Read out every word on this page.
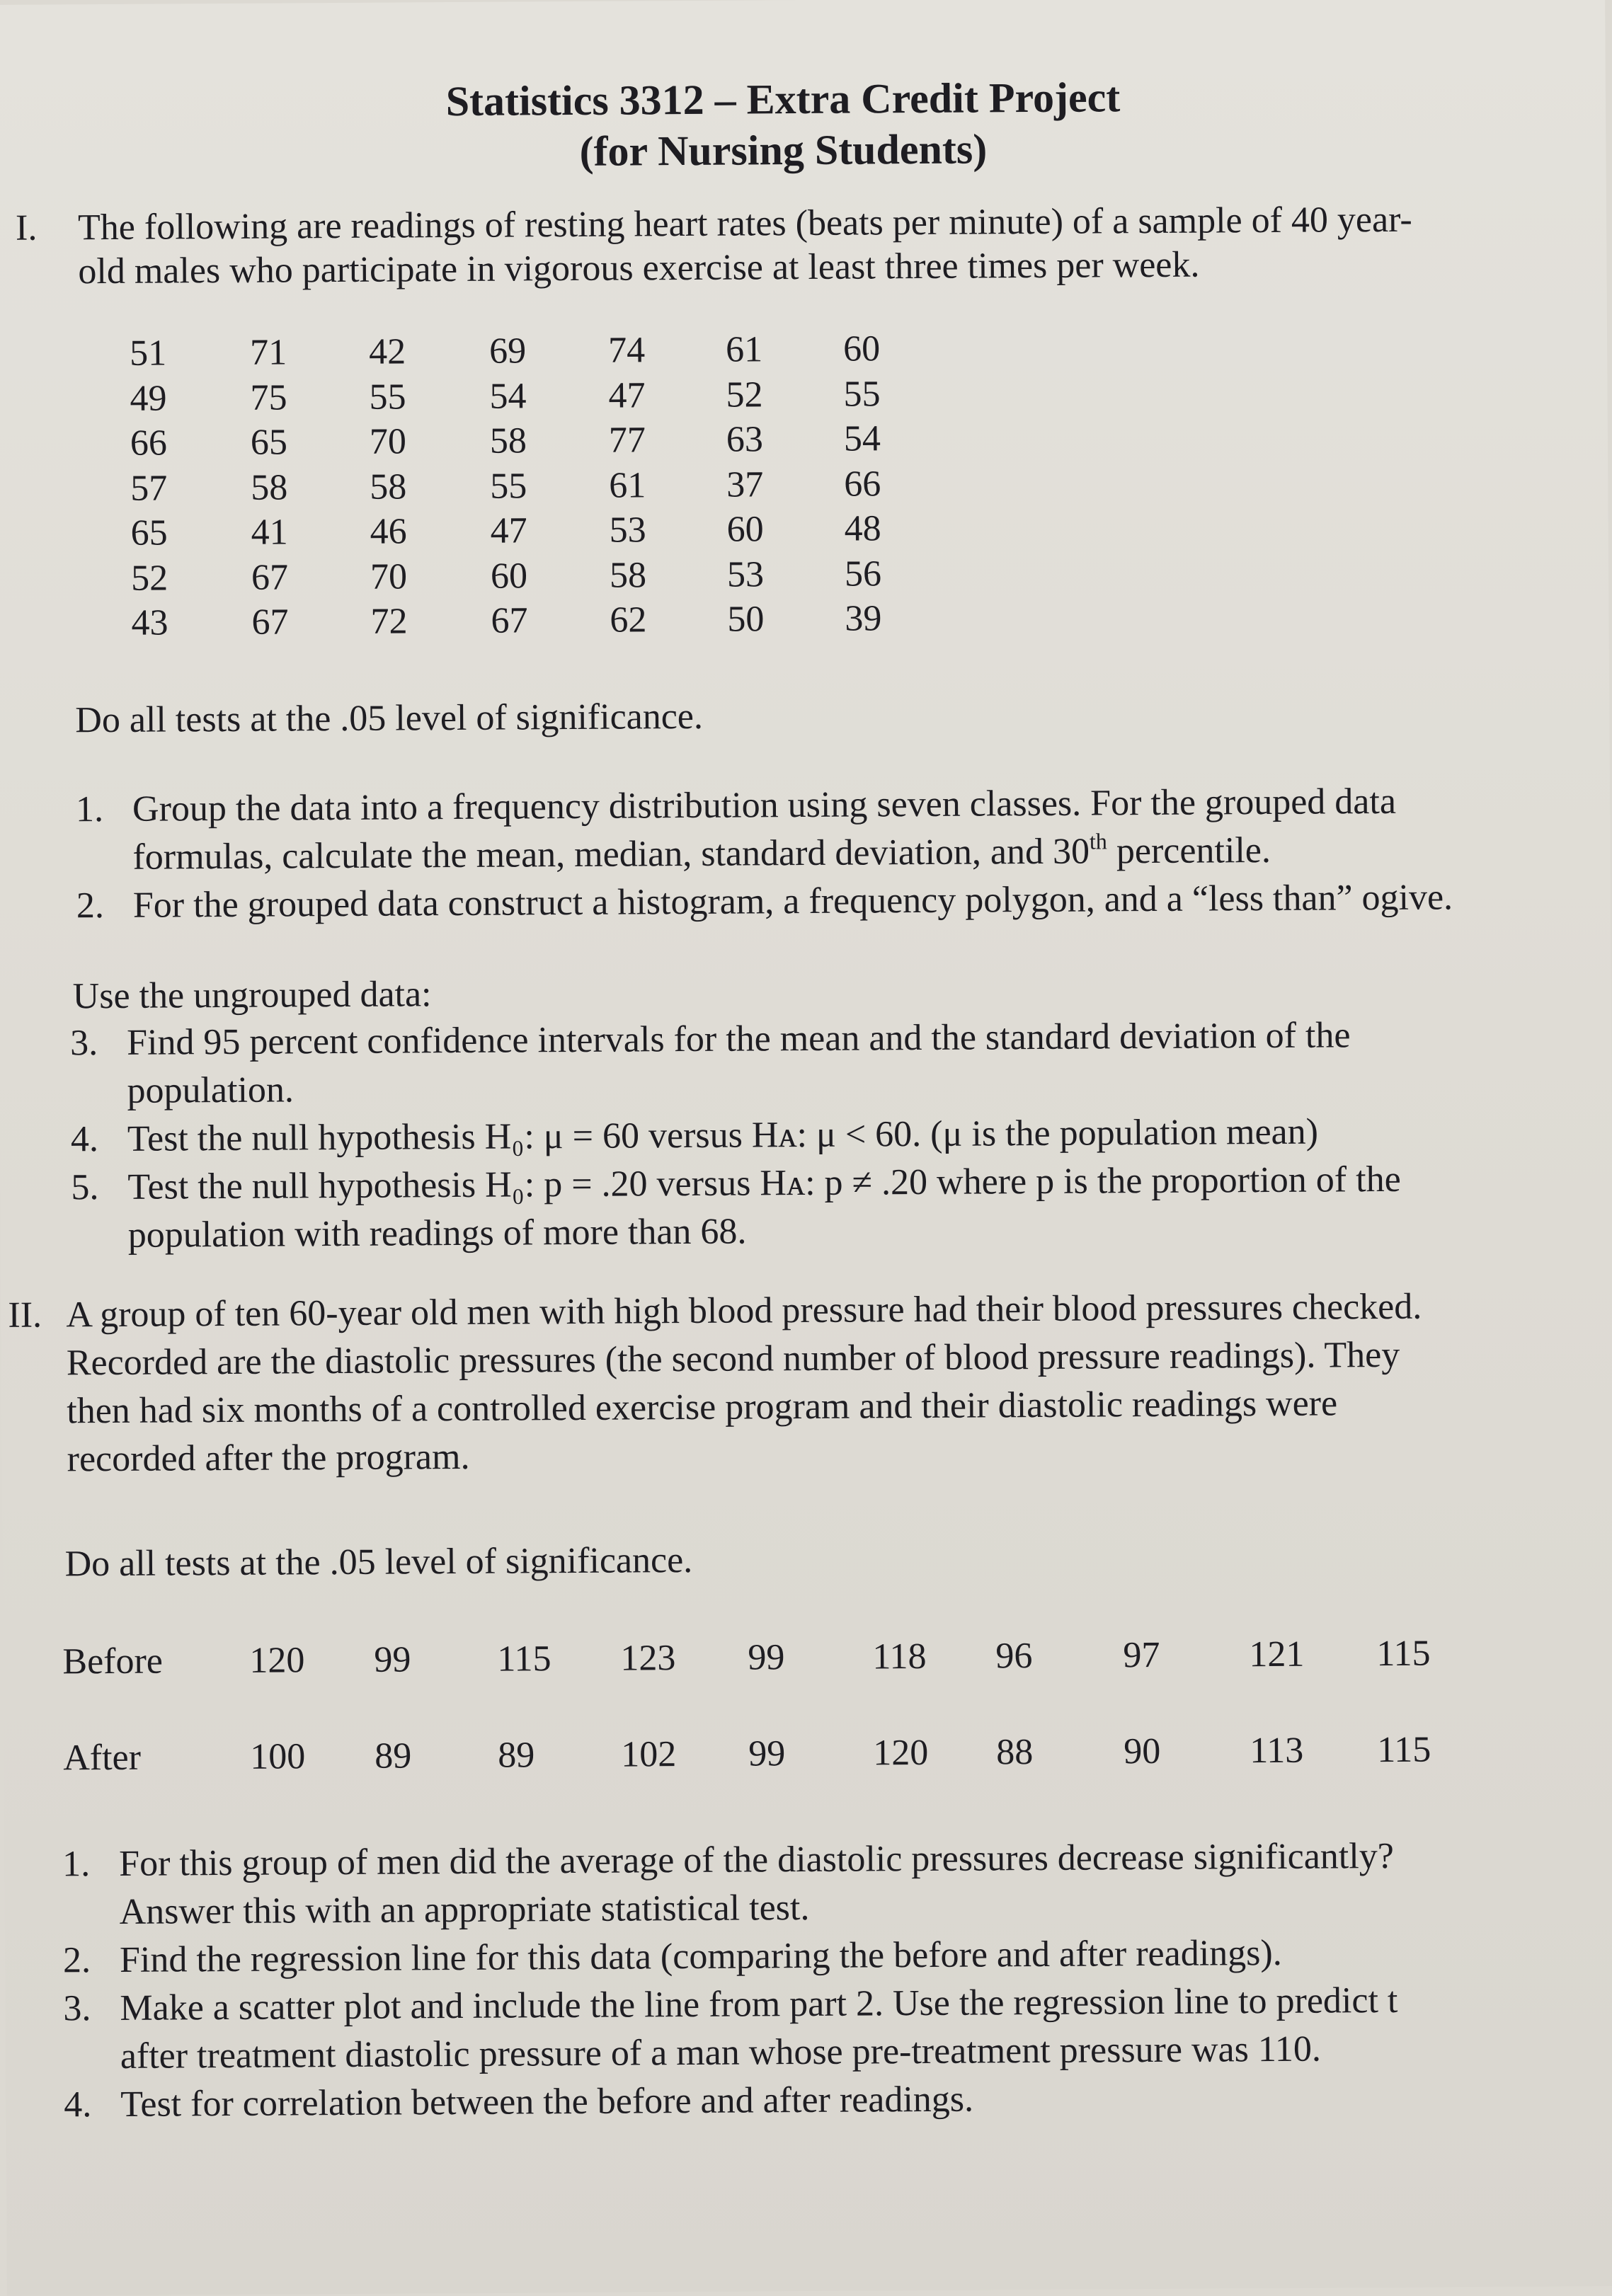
Statistics 3312 – Extra Credit Project
(for Nursing Students)
I. The following are readings of resting heart rates (beats per minute) of a sample of 40 year-
old males who participate in vigorous exercise at least three times per week.
51	71	42	69	74	61	60
49	75	55	54	47	52	55
66	65	70	58	77	63	54
57	58	58	55	61	37	66
65	41	46	47	53	60	48
52	67	70	60	58	53	56
43	67	72	67	62	50	39
Do all tests at the .05 level of significance.
1. Group the data into a frequency distribution using seven classes. For the grouped data
formulas, calculate the mean, median, standard deviation, and 30th percentile.
2. For the grouped data construct a histogram, a frequency polygon, and a “less than” ogive.
Use the ungrouped data:
3. Find 95 percent confidence intervals for the mean and the standard deviation of the
population.
4. Test the null hypothesis H₀: μ = 60 versus Hᴀ: μ < 60. (μ is the population mean)
5. Test the null hypothesis H₀: p = .20 versus Hᴀ: p ≠ .20 where p is the proportion of the
population with readings of more than 68.
II. A group of ten 60-year old men with high blood pressure had their blood pressures checked.
Recorded are the diastolic pressures (the second number of blood pressure readings). They
then had six months of a controlled exercise program and their diastolic readings were
recorded after the program.
Do all tests at the .05 level of significance.
Before 120 99 115 123 99 118 96 97 121 115
After	100 89 89 102 99 120 88 90 113 115
1. For this group of men did the average of the diastolic pressures decrease significantly?
Answer this with an appropriate statistical test.
2. Find the regression line for this data (comparing the before and after readings).
3. Make a scatter plot and include the line from part 2. Use the regression line to predict t
after treatment diastolic pressure of a man whose pre-treatment pressure was 110.
4. Test for correlation between the before and after readings.
